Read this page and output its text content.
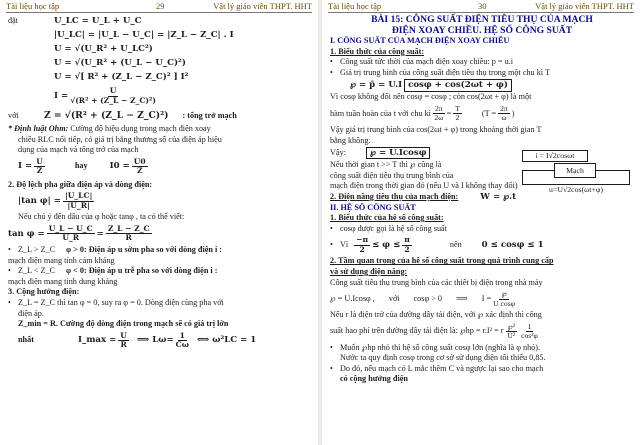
Tài liệu học tập	29	Vật lý giáo viên THPT. HHT
đặt	U_LC = U_L + U_C
|U_LC| = |U_L − U_C| = |Z_L − Z_C| . I
U = √(U_R² + U_LC²)
U = √(U_R² + (U_L − U_C)²)
U = √[ R² + (Z_L − Z_C)² ] I²
$I = \frac{U}{\text{√(R² + (Z\_L − Z\_C)²)}}$
với	Z = √(R² + (Z_L − Z_C)²) : tổng trở mạch
* Định luật Ohm: Cường độ hiệu dụng trong mạch điện xoay
chiều RLC nối tiếp, có giá trị bằng thương số của điện áp hiệu
dụng của mạch và tổng trở của mạch
$I = \frac{U}{Z}$	hay	$I0 = \frac{U0}{Z}$
2. Độ lệch pha giữa điện áp và dòng điện:
|tan $\varphi| = \frac{|U\_LC|}{|U\_R|}$
Nếu chú ý đến dấu của φ hoặc tanφ , ta có thể viết:
$\tan \varphi = \frac{U\_L - U\_C}{U\_R} = \frac{Z\_L - Z\_C}{R}$
• Z_L > Z_C	φ > 0: Điện áp u sớm pha so với dòng điện i :
mạch điện mang tính cảm kháng
• Z_L < Z_C	φ < 0: Điện áp u trễ pha so với dòng điện i :
mạch điện mang tính dung kháng
3. Cộng hưởng điện:
• Z_L = Z_C thì tan φ = 0, suy ra φ = 0. Dòng điện cùng pha với
điện áp.
Z_min = R. Cường độ dòng điện trong mạch sẽ có giá trị lớn
nhất	I_max = $\frac{U}{R}$ ⟹ $L\omega= \frac{1}{C\omega}$ ⟺ ω²LC = 1
Tài liệu học tập	30	Vật lý giáo viên THPT. HHT
BÀI 15: CÔNG SUẤT ĐIỆN TIÊU THỤ CỦA MẠCH
ĐIỆN XOAY CHIỀU. HỆ SỐ CÔNG SUẤT
I. CÔNG SUẤT CỦA MẠCH ĐIỆN XOAY CHIỀU
1. Biểu thức của công suất:
• Công suất tức thời của mạch điện xoay chiều: p = u.i
• Giá trị trung bình của công suất điện tiêu thụ trong một chu kì T
℘ = p̄ = U.I cosφ + cos(2ωt + φ)
Vì cosφ không đổi nên cosφ = cosφ ; còn cos(2ωt + φ) là một
hàm tuần hoàn của t với chu kì $\frac{2\pi}{2\omega} = \frac{T}{2} (T = \frac{2\pi}{\omega}$ )
Vậy giá trị trung bình của cos(2ωt + φ) trong khoảng thời gian T
bằng không.
Vậy:	℘ = U.Icosφ
Nếu thời gian t >> T thì ℘ cũng là
công suất điện tiêu thụ trung bình của
mạch điện trong thời gian đó (nếu U và I không thay đổi)
2. Điện năng tiêu thụ của mạch điện:	W = ℘.t
II. HỆ SỐ CÔNG SUẤT
1. Biểu thức của hệ số công suất:
• cosφ được gọi là hệ số công suất
• Vì $\frac{-\pi}{2} \le \varphi \le \frac{\pi}{2}$	nên 0 ≤ cosφ ≤ 1
2. Tầm quan trọng của hệ số công suất trong quá trình cung cấp
và sử dụng điện năng:
Công suất tiêu thụ trung bình của các thiết bị điện trong nhà máy
℘ = U.Icosφ , với cosφ > 0 ⟹ $I = \frac{℘}{\text{U cosφ}}$
Nếu r là điện trở của đường dây tải điện, với ℘ xác định thì công
suất hao phí trên đường dây tải điện là: ℘hp = r.I² = r $\frac{\text{℘²}}{\text{U²}} \frac{1}{\text{cos²φ}}$
• Muốn ℘hp nhỏ thì hệ số công suất cosφ lớn (nghĩa là φ nhỏ).
Nước ta quy định cosφ trong cơ sở sử dụng điện tối thiểu 0,85.
• Do đó, nếu mạch có L mắc thêm C và ngược lại sao cho mạch
có cộng hưởng điện
i = I√2cosωt
Mạch
u=U√2cos(ωt+φ)
